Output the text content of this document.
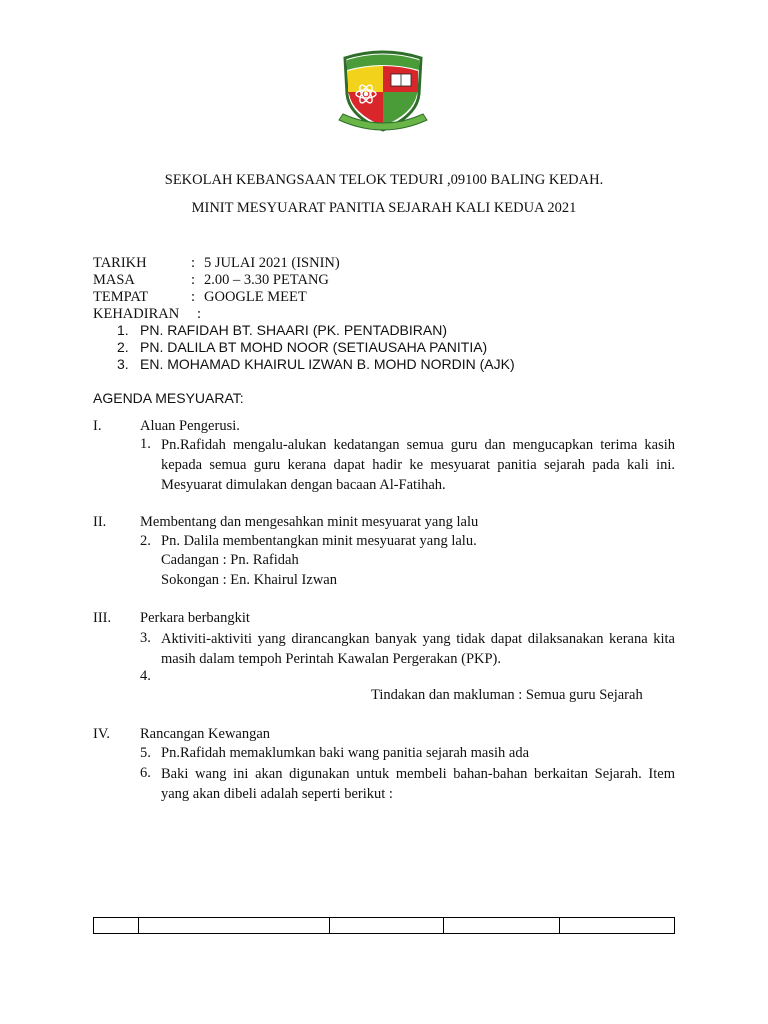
SEKOLAH KEBANGSAAN TELOK TEDURI ,09100 BALING KEDAH.
MINIT MESYUARAT PANITIA SEJARAH KALI KEDUA 2021
TARIKH	: 5 JULAI 2021 (ISNIN)
MASA	: 2.00 – 3.30 PETANG
TEMPAT	: GOOGLE MEET
KEHADIRAN :
1. PN. RAFIDAH BT. SHAARI (PK. PENTADBIRAN)
2. PN. DALILA BT MOHD NOOR (SETIAUSAHA PANITIA)
3. EN. MOHAMAD KHAIRUL IZWAN B. MOHD NORDIN (AJK)
AGENDA MESYUARAT:
I.	Aluan Pengerusi.
1. Pn.Rafidah mengalu-alukan kedatangan semua guru dan mengucapkan terima kasih kepada semua guru kerana dapat hadir ke mesyuarat panitia sejarah pada kali ini. Mesyuarat dimulakan dengan bacaan Al-Fatihah.
II. Membentang dan mengesahkan minit mesyuarat yang lalu
2. Pn. Dalila membentangkan minit mesyuarat yang lalu.
Cadangan : Pn. Rafidah
Sokongan : En. Khairul Izwan
III. Perkara berbangkit
3. Aktiviti-aktiviti yang dirancangkan banyak yang tidak dapat dilaksanakan kerana kita masih dalam tempoh Perintah Kawalan Pergerakan (PKP).
4.
Tindakan dan makluman : Semua guru Sejarah
IV. Rancangan Kewangan
5. Pn.Rafidah memaklumkan baki wang panitia sejarah masih ada
6. Baki wang ini akan digunakan untuk membeli bahan-bahan berkaitan Sejarah. Item yang akan dibeli adalah seperti berikut :
